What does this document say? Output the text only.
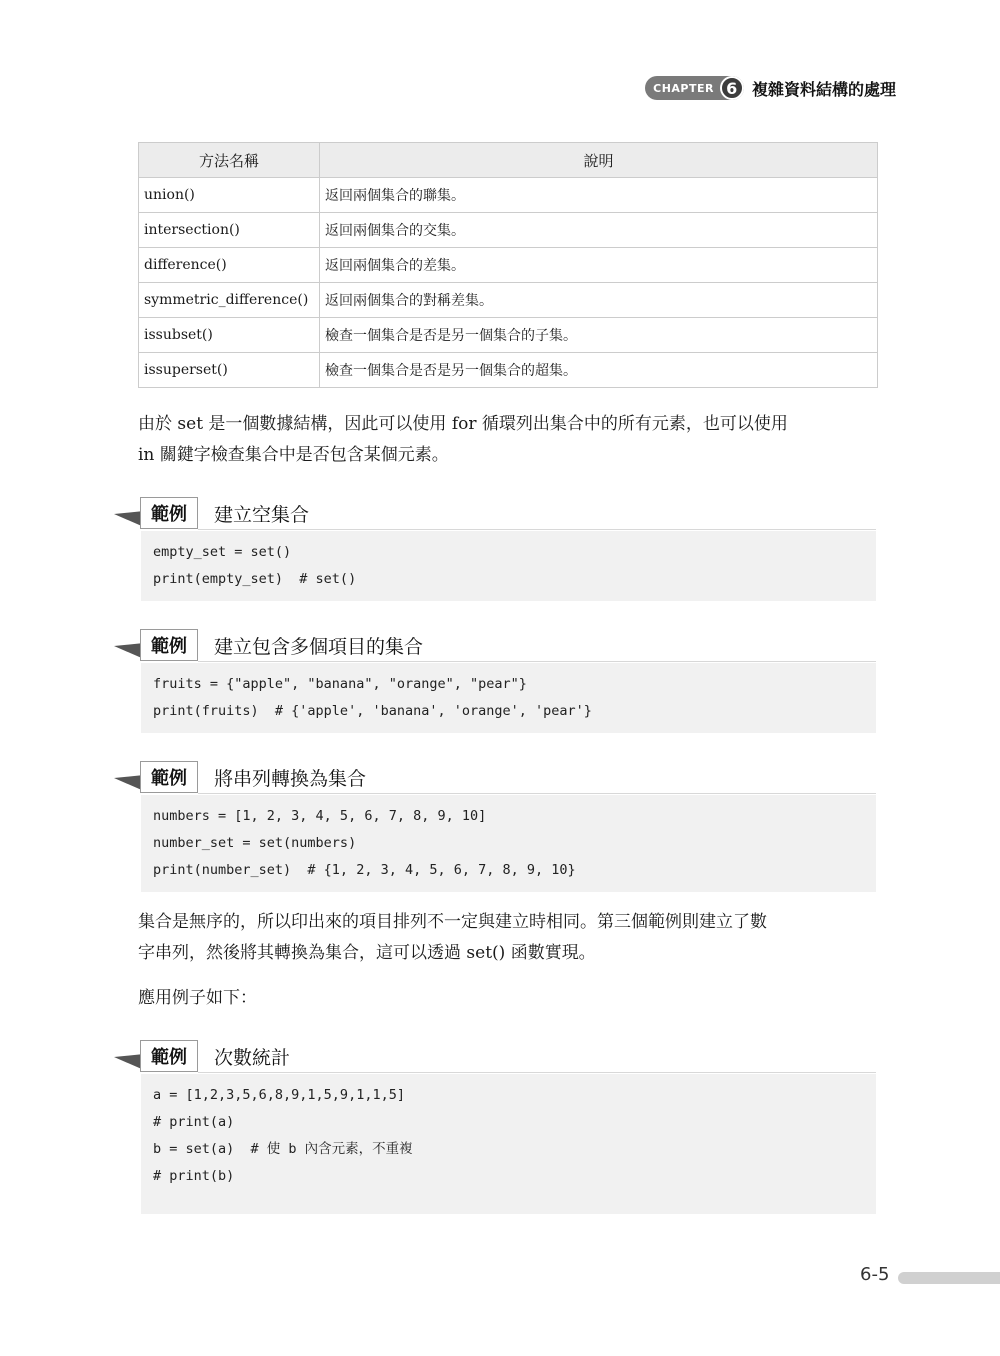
CHAPTER 6 複雜資料結構的處理
方法名稱	說明
union()	返回兩個集合的聯集。
intersection()	返回兩個集合的交集。
difference()	返回兩個集合的差集。
symmetric_difference()	返回兩個集合的對稱差集。
issubset()	檢查一個集合是否是另一個集合的子集。
issuperset()	檢查一個集合是否是另一個集合的超集。
由於 set 是一個數據結構，因此可以使用 for 循環列出集合中的所有元素，也可以使用
in 關鍵字檢查集合中是否包含某個元素。
範例	建立空集合
empty_set = set()
print(empty_set)  # set()
範例	建立包含多個項目的集合
fruits = {"apple", "banana", "orange", "pear"}
print(fruits)  # {'apple', 'banana', 'orange', 'pear'}
範例	將串列轉換為集合
numbers = [1, 2, 3, 4, 5, 6, 7, 8, 9, 10]
number_set = set(numbers)
print(number_set)  # {1, 2, 3, 4, 5, 6, 7, 8, 9, 10}
集合是無序的，所以印出來的項目排列不一定與建立時相同。第三個範例則建立了數
字串列，然後將其轉換為集合，這可以透過 set() 函數實現。
應用例子如下：
範例	次數統計
a = [1,2,3,5,6,8,9,1,5,9,1,1,5]
# print(a)
b = set(a)  # 使 b 內含元素，不重複
# print(b)
6-5
